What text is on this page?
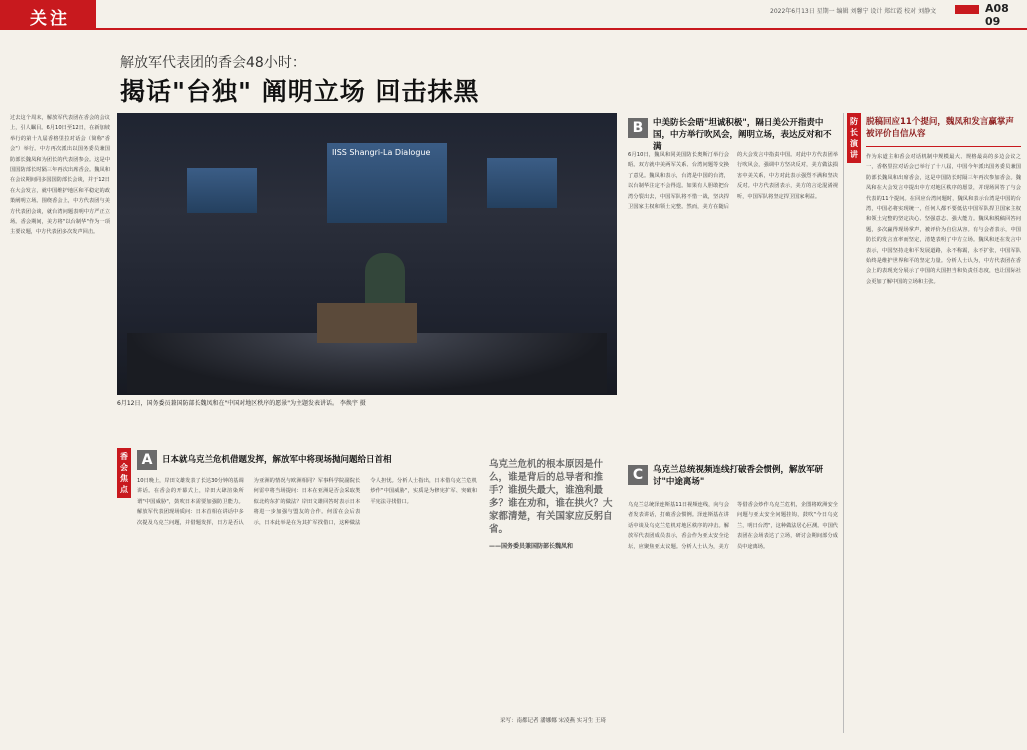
关注	2022年6月13日 星期一 编辑 刘馨宁 设计 郑红霞 校对 刘静文	A08 09
解放军代表团的香会48小时：
揭话"台独" 阐明立场 回击抹黑
过去这个周末，解放军代表团在香会的会议上，引人瞩目。6月10日至12日，在新加坡举行的第十九届香格里拉对话会（简称"香会"）举行。中方再次派出以国务委员兼国防部长魏凤和为团长的代表团参会。这是中国国防部长时隔三年再次出席香会。魏凤和在会议期间同多国国防部长会谈，并于12日在大会发言，就中国维护地区和平稳定的政策阐明立场。围绕香会上，中方代表团与美方代表团会谈，就台湾问题表明中方严正立场。香会期间，美方将"以台制华"作为一项主要议题，中方代表团多次发声回击。
IISS Shangri-La Dialogue
6月12日，国务委员兼国防部长魏凤和在"中国对地区秩序的愿景"为主题发表讲话。 李焕宇 摄
香会焦点
A	日本就乌克兰危机借题发挥，解放军中将现场抛问题给日首相
10日晚上，岸田文雄发表了长达30分钟的基调讲话。在香会的开幕式上，岸田大肆渲染所谓"中国威胁"，鼓吹日本需要加强防卫能力。解放军代表团现场质问：日本首相在讲话中多次提及乌克兰问题，并借题发挥，日方是否认为亚洲的情况与欧洲相同？军事科学院副院长何雷中将当场提问：日本在亚洲是否会采取类似北约东扩的做法？岸田文雄回答时表示日本将进一步加强与盟友的合作。何雷在会后表示，日本此举是在为其扩军找借口，这种做法令人担忧。分析人士指出，日本借乌克兰危机炒作"中国威胁"，实质是为修宪扩军、突破和平宪法寻找借口。
乌克兰危机的根本原因是什么，谁是背后的总导者和推手？谁损失最大，谁渔利最多？谁在劝和，谁在拱火？大家都清楚，有关国家应反躬自省。
——国务委员兼国防部长魏凤和
B	中美防长会晤"坦诚积极"，隔日美公开指责中国，中方举行吹风会，阐明立场，表达反对和不满
6月10日，魏凤和同美国防长奥斯汀举行会晤。双方就中美两军关系、台湾问题等交换了意见。魏凤和表示，台湾是中国的台湾，以台制华注定不会得逞。如果有人胆敢把台湾分裂出去，中国军队将不惜一战，坚决捍卫国家主权和领土完整。然而，美方在随后的大会发言中指责中国。对此中方代表团举行吹风会，强调中方坚决反对，美方做法损害中美关系，中方对此表示强烈不满和坚决反对。中方代表团表示，美方的言论混淆视听，中国军队将坚定捍卫国家利益。
C	乌克兰总统视频连线打破香会惯例，解放军研讨"中途离场"
乌克兰总统泽连斯基11日视频连线，向与会者发表讲话，打破香会惯例。泽连斯基在讲话中谈及乌克兰危机对地区秩序的冲击。解放军代表团成员表示，香会作为亚太安全论坛，应聚焦亚太议题。分析人士认为，美方等借香会炒作乌克兰危机，企图将欧洲安全问题与亚太安全问题挂钩，鼓吹"今日乌克兰，明日台湾"，这种做法居心叵测。中国代表团在会场表达了立场，研讨会期间部分成员中途离场。
采写：南都记者 潘娜娜 宋凌燕 实习生 王琦
防长演讲
脱稿回应11个提问，魏凤和发言赢掌声被评价自信从容
作为东道主和香会对话机制中规模最大、规格最高的多边会议之一，香格里拉对话会已举行了十八届，中国今年派出国务委员兼国防部长魏凤和出席香会，这是中国防长时隔三年再次参加香会。魏凤和在大会发言中提出中方对地区秩序的愿景，并现场回答了与会代表的11个提问。在回应台湾问题时，魏凤和表示台湾是中国的台湾，中国必将实现统一，任何人都不要低估中国军队捍卫国家主权和领土完整的坚定决心、坚强意志、强大能力。魏凤和脱稿回答问题，多次赢得现场掌声，被评价为自信从容。有与会者表示，中国防长的发言直率而坚定，清楚表明了中方立场。魏凤和还在发言中表示，中国坚持走和平发展道路，永不称霸，永不扩张，中国军队始终是维护世界和平的坚定力量。分析人士认为，中方代表团在香会上的表现充分展示了中国的大国担当和负责任态度，也让国际社会更加了解中国的立场和主张。
